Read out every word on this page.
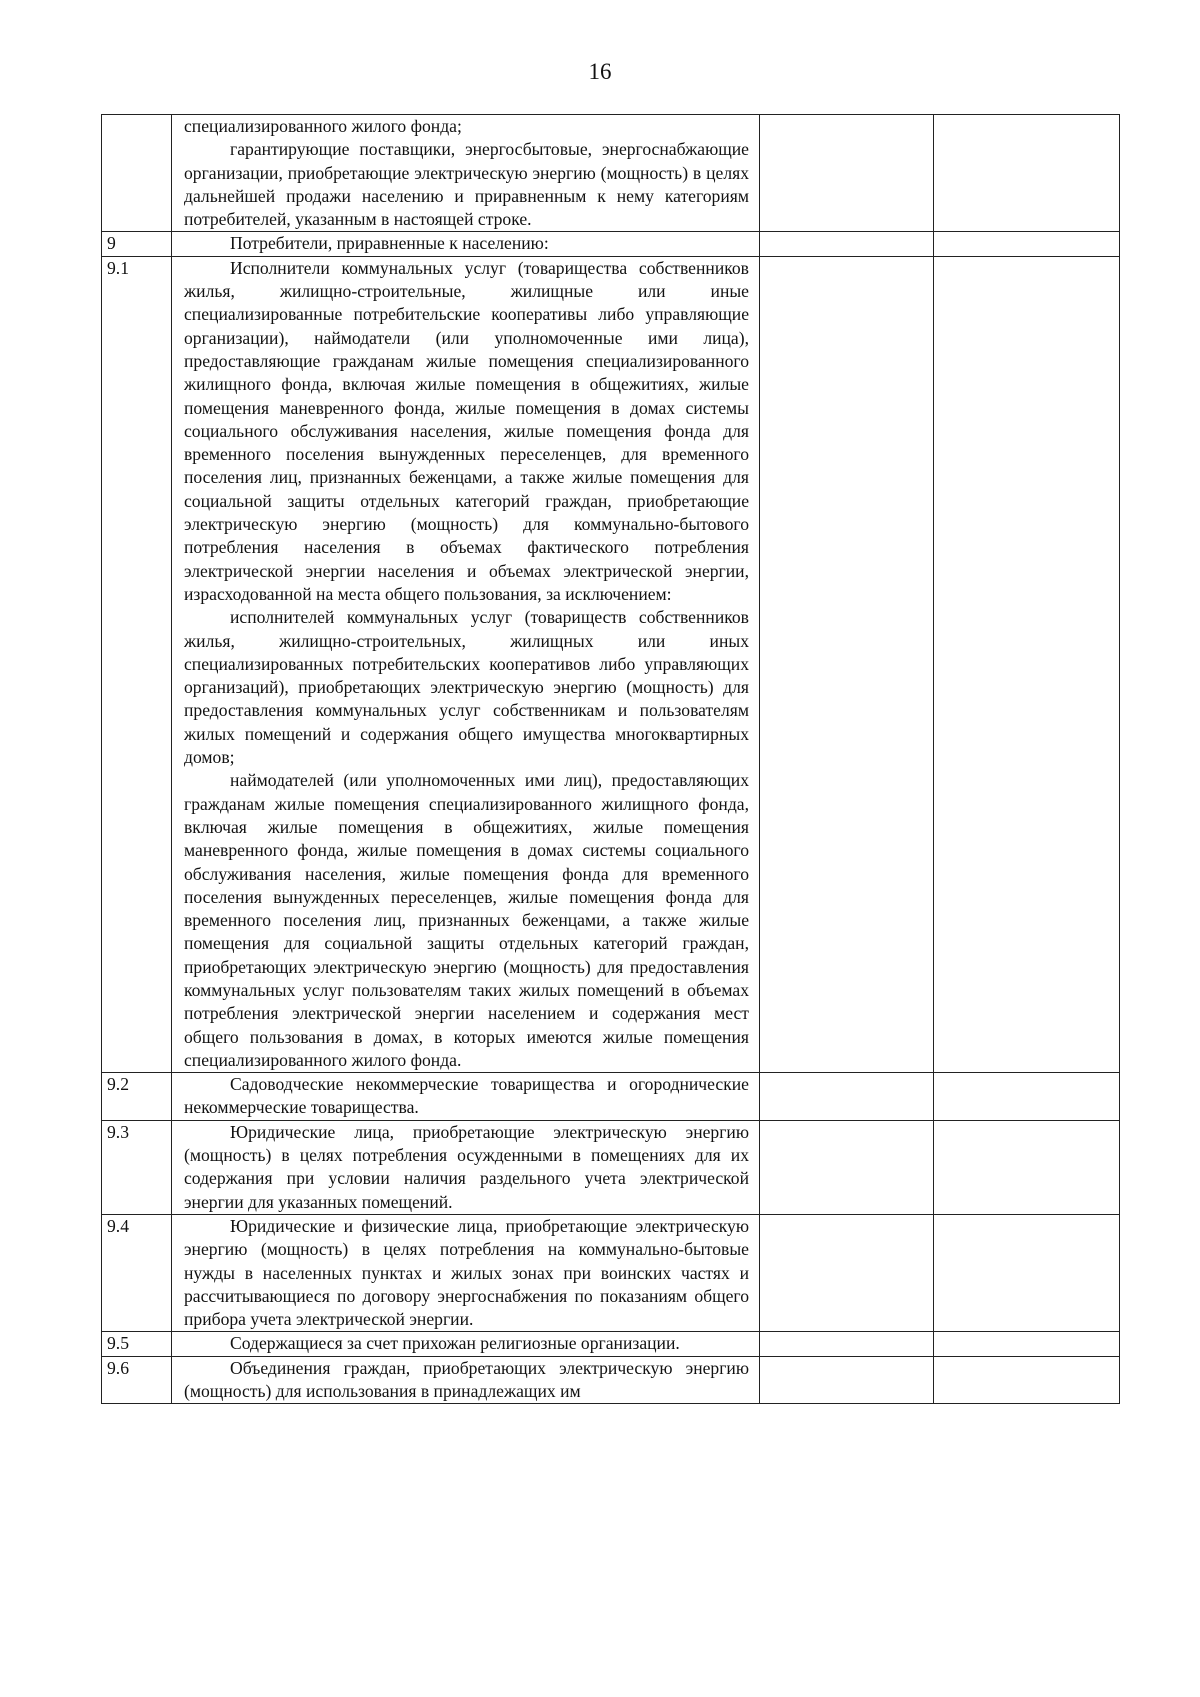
16

	специализированного жилого фонда;

гарантирующие поставщики, энергосбытовые, энергоснабжающие организации, приобретающие электрическую энергию (мощность) в целях дальнейшей продажи населению и приравненным к нему категориям потребителей, указанным в настоящей строке.		

9	Потребители, приравненные к населению:		

9.1	Исполнители коммунальных услуг (товарищества собственников жилья, жилищно-строительные, жилищные или иные специализированные потребительские кооперативы либо управляющие организации), наймодатели (или уполномоченные ими лица), предоставляющие гражданам жилые помещения специализированного жилищного фонда, включая жилые помещения в общежитиях, жилые помещения маневренного фонда, жилые помещения в домах системы социального обслуживания населения, жилые помещения фонда для временного поселения вынужденных переселенцев, для временного поселения лиц, признанных беженцами, а также жилые помещения для социальной защиты отдельных категорий граждан, приобретающие электрическую энергию (мощность) для коммунально-бытового потребления населения в объемах фактического потребления электрической энергии населения и объемах электрической энергии, израсходованной на места общего пользования, за исключением:

исполнителей коммунальных услуг (товариществ собственников жилья, жилищно-строительных, жилищных или иных специализированных потребительских кооперативов либо управляющих организаций), приобретающих электрическую энергию (мощность) для предоставления коммунальных услуг собственникам и пользователям жилых помещений и содержания общего имущества многоквартирных домов;

наймодателей (или уполномоченных ими лиц), предоставляющих гражданам жилые помещения специализированного жилищного фонда, включая жилые помещения в общежитиях, жилые помещения маневренного фонда, жилые помещения в домах системы социального обслуживания населения, жилые помещения фонда для временного поселения вынужденных переселенцев, жилые помещения фонда для временного поселения лиц, признанных беженцами, а также жилые помещения для социальной защиты отдельных категорий граждан, приобретающих электрическую энергию (мощность) для предоставления коммунальных услуг пользователям таких жилых помещений в объемах потребления электрической энергии населением и содержания мест общего пользования в домах, в которых имеются жилые помещения специализированного жилого фонда.		

9.2	Садоводческие некоммерческие товарищества и огороднические некоммерческие товарищества.		

9.3	Юридические лица, приобретающие электрическую энергию (мощность) в целях потребления осужденными в помещениях для их содержания при условии наличия раздельного учета электрической энергии для указанных помещений.		

9.4	Юридические и физические лица, приобретающие электрическую энергию (мощность) в целях потребления на коммунально-бытовые нужды в населенных пунктах и жилых зонах при воинских частях и рассчитывающиеся по договору энергоснабжения по показаниям общего прибора учета электрической энергии.		

9.5	Содержащиеся за счет прихожан религиозные организации.		

9.6	Объединения граждан, приобретающих электрическую энергию (мощность) для использования в принадлежащих им		
